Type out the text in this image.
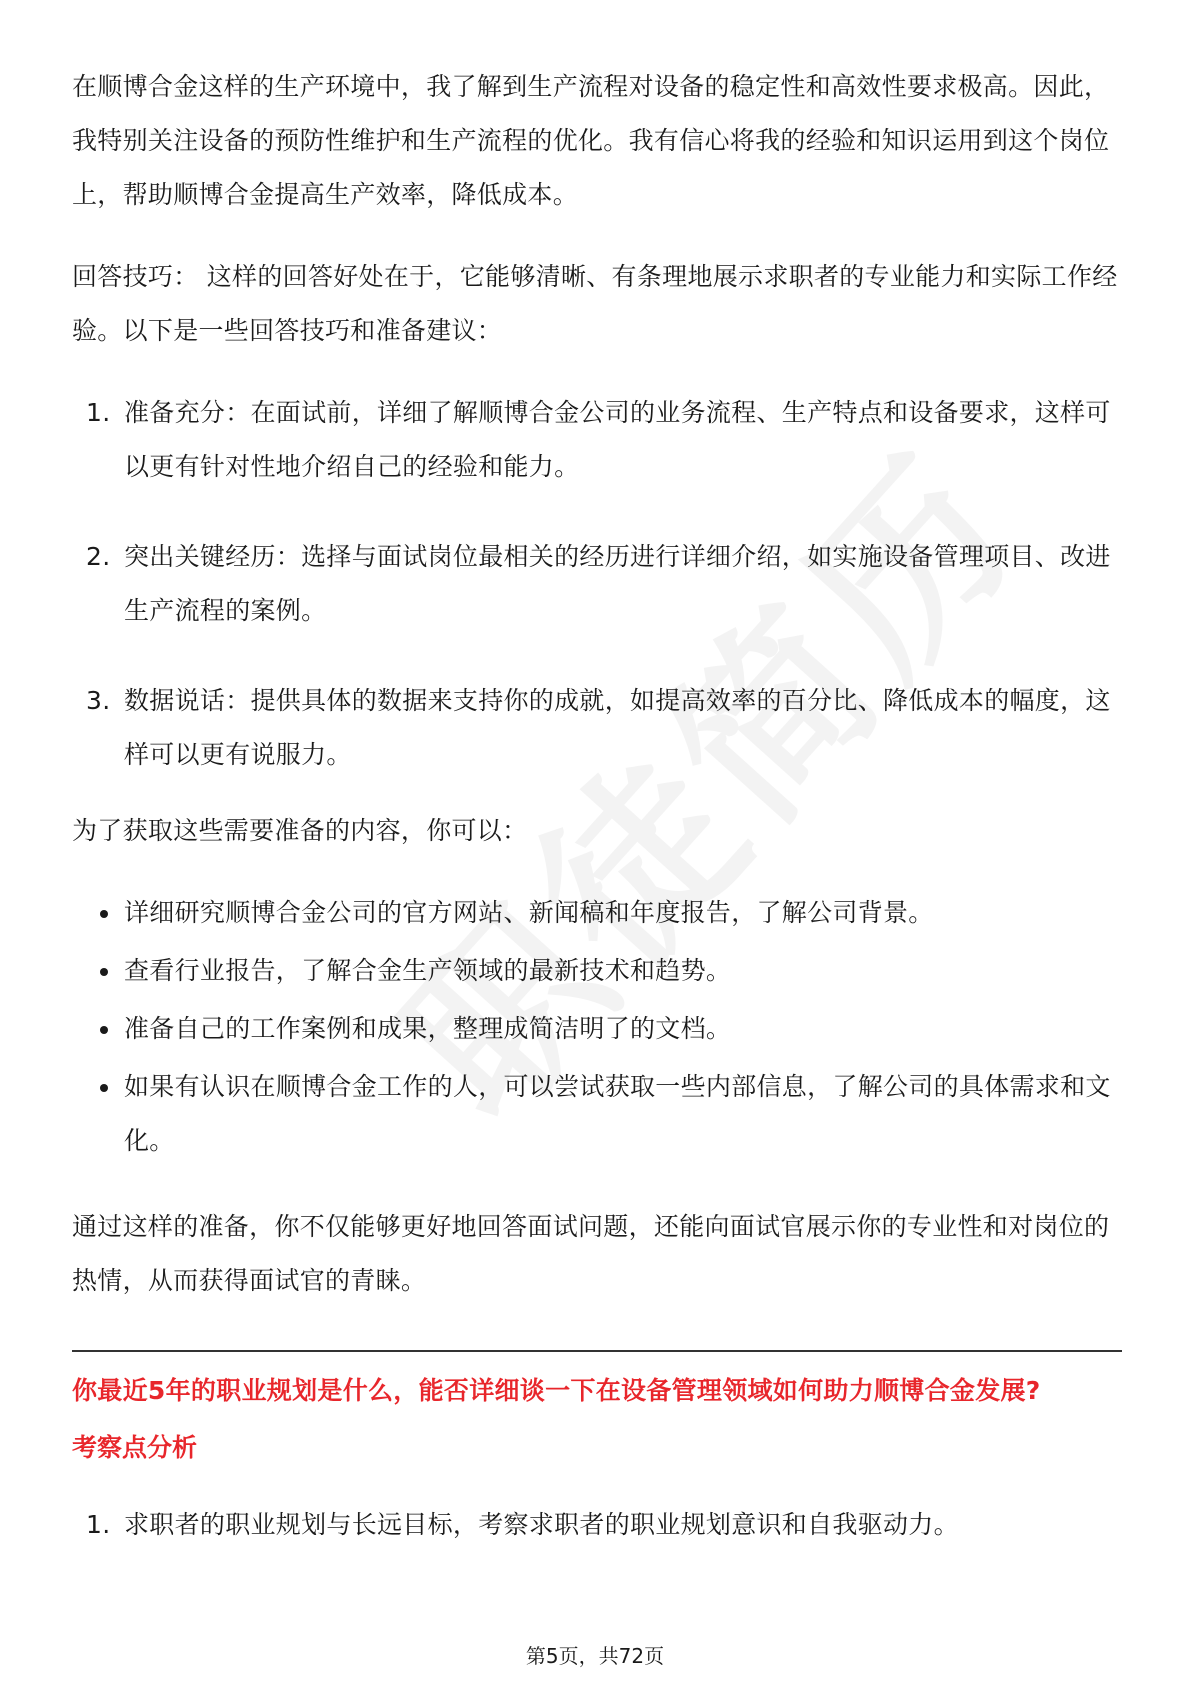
在顺博合金这样的生产环境中，我了解到生产流程对设备的稳定性和高效性要求极高。因此，我特别关注设备的预防性维护和生产流程的优化。我有信心将我的经验和知识运用到这个岗位上，帮助顺博合金提高生产效率，降低成本。

回答技巧： 这样的回答好处在于，它能够清晰、有条理地展示求职者的专业能力和实际工作经验。以下是一些回答技巧和准备建议：

1. 准备充分：在面试前，详细了解顺博合金公司的业务流程、生产特点和设备要求，这样可以更有针对性地介绍自己的经验和能力。
2. 突出关键经历：选择与面试岗位最相关的经历进行详细介绍，如实施设备管理项目、改进生产流程的案例。
3. 数据说话：提供具体的数据来支持你的成就，如提高效率的百分比、降低成本的幅度，这样可以更有说服力。

为了获取这些需要准备的内容，你可以：

详细研究顺博合金公司的官方网站、新闻稿和年度报告，了解公司背景。
查看行业报告，了解合金生产领域的最新技术和趋势。
准备自己的工作案例和成果，整理成简洁明了的文档。
如果有认识在顺博合金工作的人，可以尝试获取一些内部信息，了解公司的具体需求和文化。

通过这样的准备，你不仅能够更好地回答面试问题，还能向面试官展示你的专业性和对岗位的热情，从而获得面试官的青睐。

你最近5年的职业规划是什么，能否详细谈一下在设备管理领域如何助力顺博合金发展?
考察点分析
1. 求职者的职业规划与长远目标，考察求职者的职业规划意识和自我驱动力。
第5页，共72页
